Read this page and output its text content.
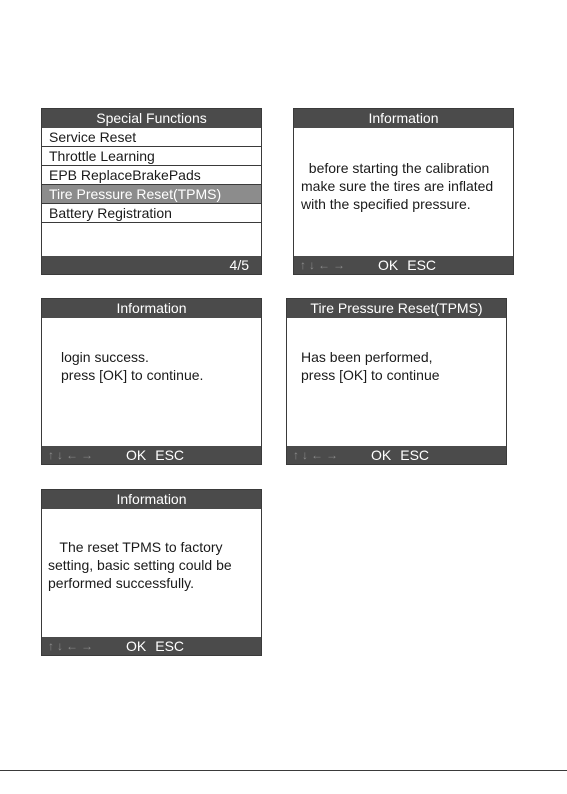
Special Functions
Service Reset
Throttle Learning
EPB ReplaceBrakePads
Tire Pressure Reset(TPMS)
Battery Registration
4/5
Information
before starting the calibration
make sure the tires are inflated
with the specified pressure.
↑↓←→ OK ESC
Information
login success.
press [OK] to continue.
↑↓←→ OK ESC
Tire Pressure Reset(TPMS)
Has been performed,
press [OK] to continue
↑↓←→ OK ESC
Information
The reset TPMS to factory
setting, basic setting could be
performed successfully.
↑↓←→ OK ESC
